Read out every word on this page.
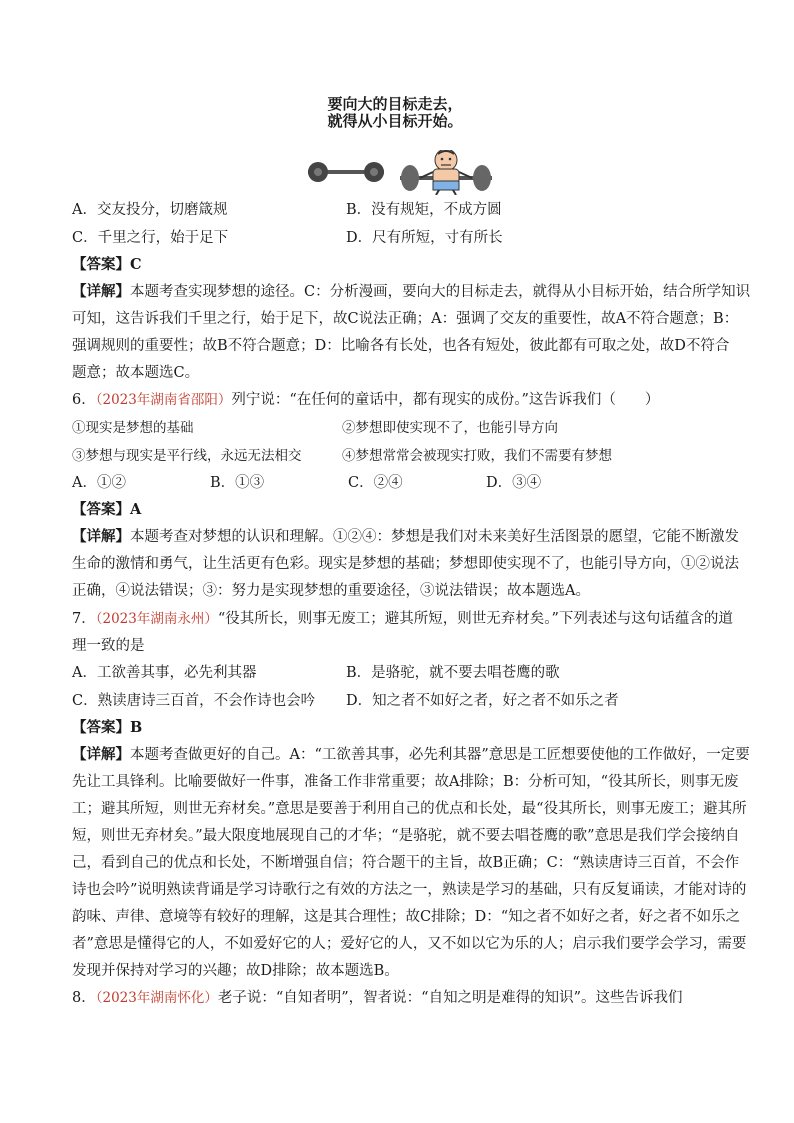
要向大的目标走去，
就得从小目标开始。
A．交友投分，切磨箴规	B．没有规矩，不成方圆
C．千里之行，始于足下	D．尺有所短，寸有所长
【答案】C
【详解】本题考查实现梦想的途径。C：分析漫画，要向大的目标走去，就得从小目标开始，结合所学知识
可知，这告诉我们千里之行，始于足下，故C说法正确；A：强调了交友的重要性，故A不符合题意；B：
强调规则的重要性；故B不符合题意；D：比喻各有长处，也各有短处，彼此都有可取之处，故D不符合
题意；故本题选C。
6．（2023年湖南省邵阳）列宁说：“在任何的童话中，都有现实的成份。”这告诉我们（　　）
①现实是梦想的基础	②梦想即使实现不了，也能引导方向
③梦想与现实是平行线，永远无法相交	④梦想常常会被现实打败，我们不需要有梦想
A．①②	B．①③	C．②④	D．③④
【答案】A
【详解】本题考查对梦想的认识和理解。①②④：梦想是我们对未来美好生活图景的愿望，它能不断激发
生命的激情和勇气，让生活更有色彩。现实是梦想的基础；梦想即使实现不了，也能引导方向，①②说法
正确，④说法错误；③：努力是实现梦想的重要途径，③说法错误；故本题选A。
7．（2023年湖南永州）“役其所长，则事无废工；避其所短，则世无弃材矣。”下列表述与这句话蕴含的道
理一致的是
A．工欲善其事，必先利其器	B．是骆驼，就不要去唱苍鹰的歌
C．熟读唐诗三百首，不会作诗也会吟 D．知之者不如好之者，好之者不如乐之者
【答案】B
【详解】本题考查做更好的自己。A：“工欲善其事，必先利其器”意思是工匠想要使他的工作做好，一定要
先让工具锋利。比喻要做好一件事，准备工作非常重要；故A排除；B：分析可知，“役其所长，则事无废
工；避其所短，则世无弃材矣。”意思是要善于利用自己的优点和长处，最“役其所长，则事无废工；避其所
短，则世无弃材矣。”最大限度地展现自己的才华；“是骆驼，就不要去唱苍鹰的歌”意思是我们学会接纳自
己，看到自己的优点和长处，不断增强自信；符合题干的主旨，故B正确；C：“熟读唐诗三百首，不会作
诗也会吟”说明熟读背诵是学习诗歌行之有效的方法之一，熟读是学习的基础，只有反复诵读，才能对诗的
韵味、声律、意境等有较好的理解，这是其合理性；故C排除；D：“知之者不如好之者，好之者不如乐之
者”意思是懂得它的人，不如爱好它的人；爱好它的人，又不如以它为乐的人；启示我们要学会学习，需要
发现并保持对学习的兴趣；故D排除；故本题选B。
8．（2023年湖南怀化）老子说：“自知者明”，智者说：“自知之明是难得的知识”。这些告诉我们
